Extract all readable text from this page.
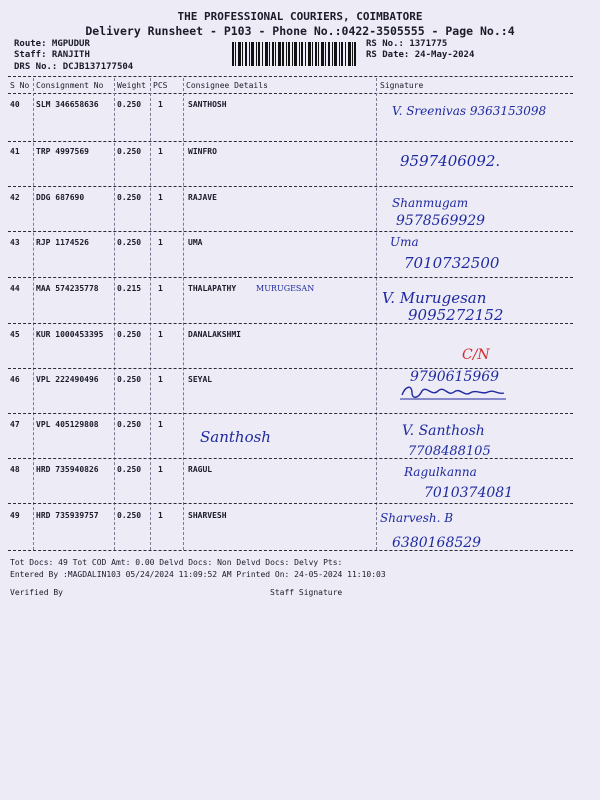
THE PROFESSIONAL COURIERS, COIMBATORE
Delivery Runsheet - P103 - Phone No.:0422-3505555 - Page No.:4
Route: MGPUDUR
Staff: RANJITH
DRS No.: DCJB137177504
RS No.: 1371775
RS Date: 24-May-2024
S No Consignment No Weight PCS Consignee Details	Signature
40 SLM 346658636 0.250 1	SANTHOSH	V. Sreenivas 9363153098
41 TRP 4997569	0.250 1	WINFRO
9597406092.
42 DDG 687690	0.250 1	RAJAVE	Shanmugam
9578569929
43 RJP 1174526	0.250 1	UMA	Uma
7010732500
44 MAA 574235778 0.215 1	THALAPATHY MURUGESAN
V. Murugesan
9095272152
45 KUR 1000453395 0.250 1	DANALAKSHMI
C/N
46 VPL 222490496 0.250 1	SEYAL	9790615969
47 VPL 405129808 0.250 1
Santhosh	V. Santhosh
7708488105
48 HRD 735940826 0.250 1	RAGUL	Ragulkanna
7010374081
49 HRD 735939757 0.250 1	SHARVESH	Sharvesh. B
6380168529
Tot Docs: 49 Tot COD Amt: 0.00 Delvd Docs: Non Delvd Docs: Delvy Pts:
Entered By :MAGDALIN103 05/24/2024 11:09:52 AM Printed On: 24-05-2024 11:10:03
Verified By	Staff Signature
